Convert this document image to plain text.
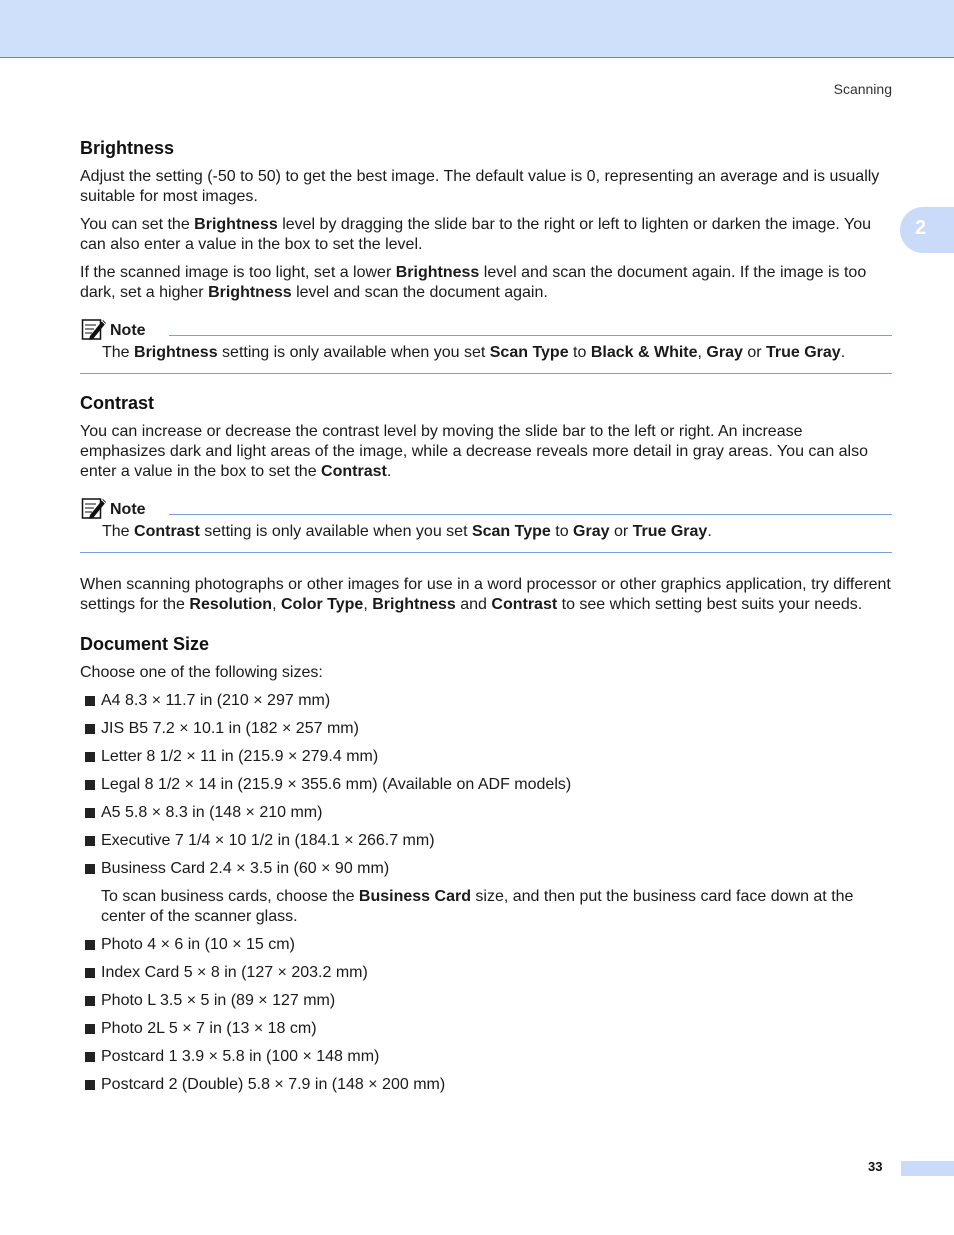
Scanning
2
Brightness

Adjust the setting (-50 to 50) to get the best image. The default value is 0, representing an average and is usually suitable for most images.

You can set the Brightness level by dragging the slide bar to the right or left to lighten or darken the image. You can also enter a value in the box to set the level.

If the scanned image is too light, set a lower Brightness level and scan the document again. If the image is too dark, set a higher Brightness level and scan the document again.

Note
The Brightness setting is only available when you set Scan Type to Black & White, Gray or True Gray.
Contrast

You can increase or decrease the contrast level by moving the slide bar to the left or right. An increase emphasizes dark and light areas of the image, while a decrease reveals more detail in gray areas. You can also enter a value in the box to set the Contrast.

Note
The Contrast setting is only available when you set Scan Type to Gray or True Gray.

When scanning photographs or other images for use in a word processor or other graphics application, try different settings for the Resolution, Color Type, Brightness and Contrast to see which setting best suits your needs.

Document Size

Choose one of the following sizes:

A4 8.3 × 11.7 in (210 × 297 mm)
JIS B5 7.2 × 10.1 in (182 × 257 mm)
Letter 8 1/2 × 11 in (215.9 × 279.4 mm)
Legal 8 1/2 × 14 in (215.9 × 355.6 mm) (Available on ADF models)
A5 5.8 × 8.3 in (148 × 210 mm)
Executive 7 1/4 × 10 1/2 in (184.1 × 266.7 mm)
Business Card 2.4 × 3.5 in (60 × 90 mm)
To scan business cards, choose the Business Card size, and then put the business card face down at the center of the scanner glass.
Photo 4 × 6 in (10 × 15 cm)
Index Card 5 × 8 in (127 × 203.2 mm)
Photo L 3.5 × 5 in (89 × 127 mm)
Photo 2L 5 × 7 in (13 × 18 cm)
Postcard 1 3.9 × 5.8 in (100 × 148 mm)
Postcard 2 (Double) 5.8 × 7.9 in (148 × 200 mm)
33
